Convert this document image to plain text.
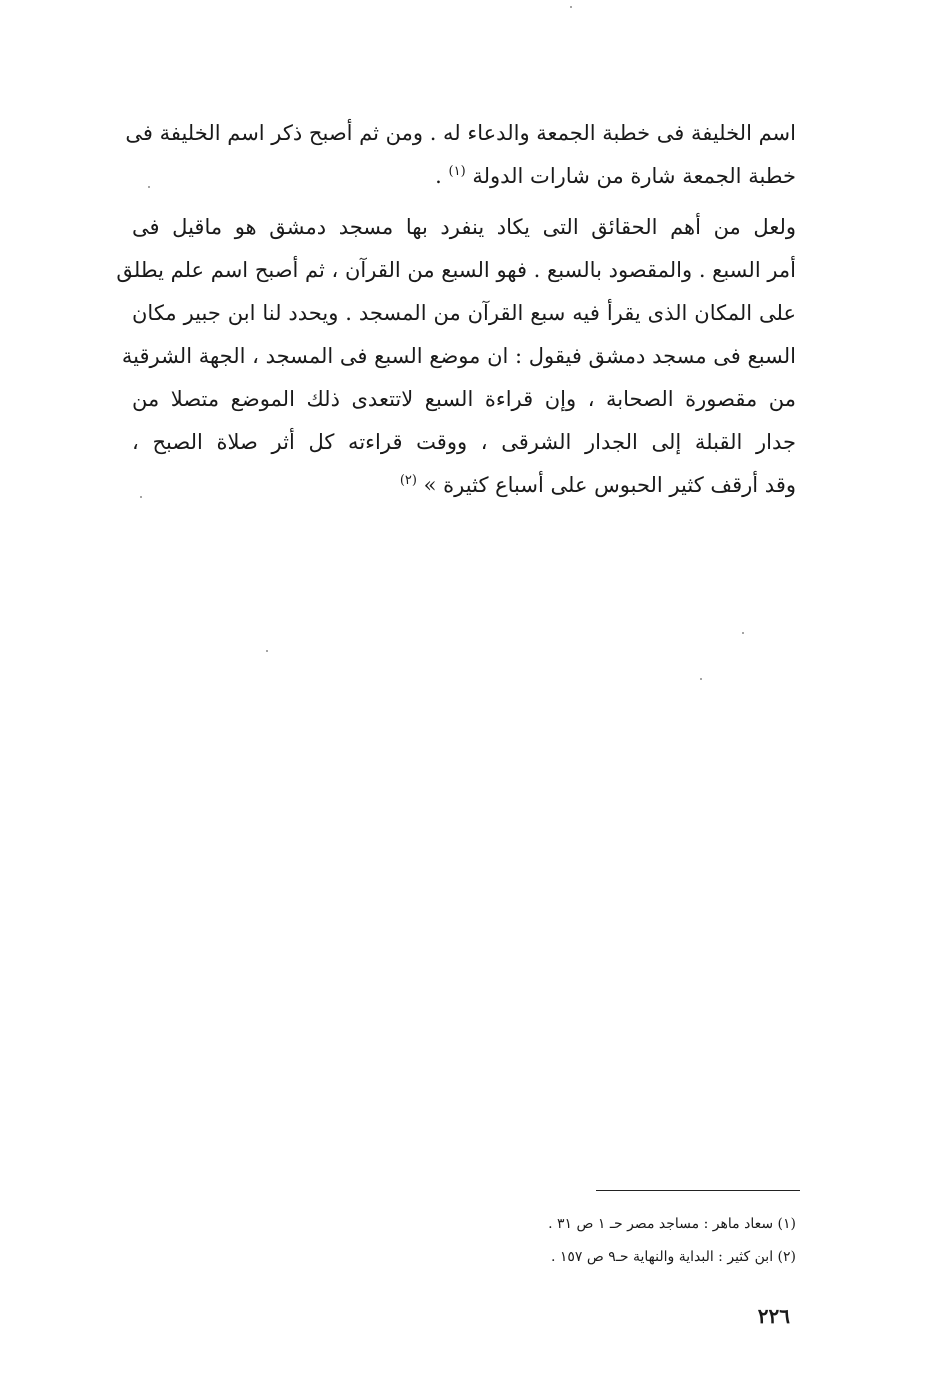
اسم الخليفة فى خطبة الجمعة والدعاء له . ومن ثم أصبح ذكر اسم الخليفة فى
خطبة الجمعة شارة من شارات الدولة $^{(١)}$ .
ولعل من أهم الحقائق التى يكاد ينفرد بها مسجد دمشق هو ماقيل فى
أمر السبع . والمقصود بالسبع . فهو السبع من القرآن ، ثم أصبح اسم علم يطلق
على المكان الذى يقرأ فيه سبع القرآن من المسجد . ويحدد لنا ابن جبير مكان
السبع فى مسجد دمشق فيقول : ان موضع السبع فى المسجد ، الجهة الشرقية
من مقصورة الصحابة ، وإن قراءة السبع لاتتعدى ذلك الموضع متصلا من
جدار القبلة إلى الجدار الشرقى ، ووقت قراءته كل أثر صلاة الصبح ،
وقد أرقف كثير الحبوس على أسباع كثيرة » $^{(٢)}$
(١) سعاد ماهر : مساجد مصر حـ ١ ص ٣١ .
(٢) ابن كثير : البداية والنهاية حـ٩ ص ١٥٧ .
٢٢٦
